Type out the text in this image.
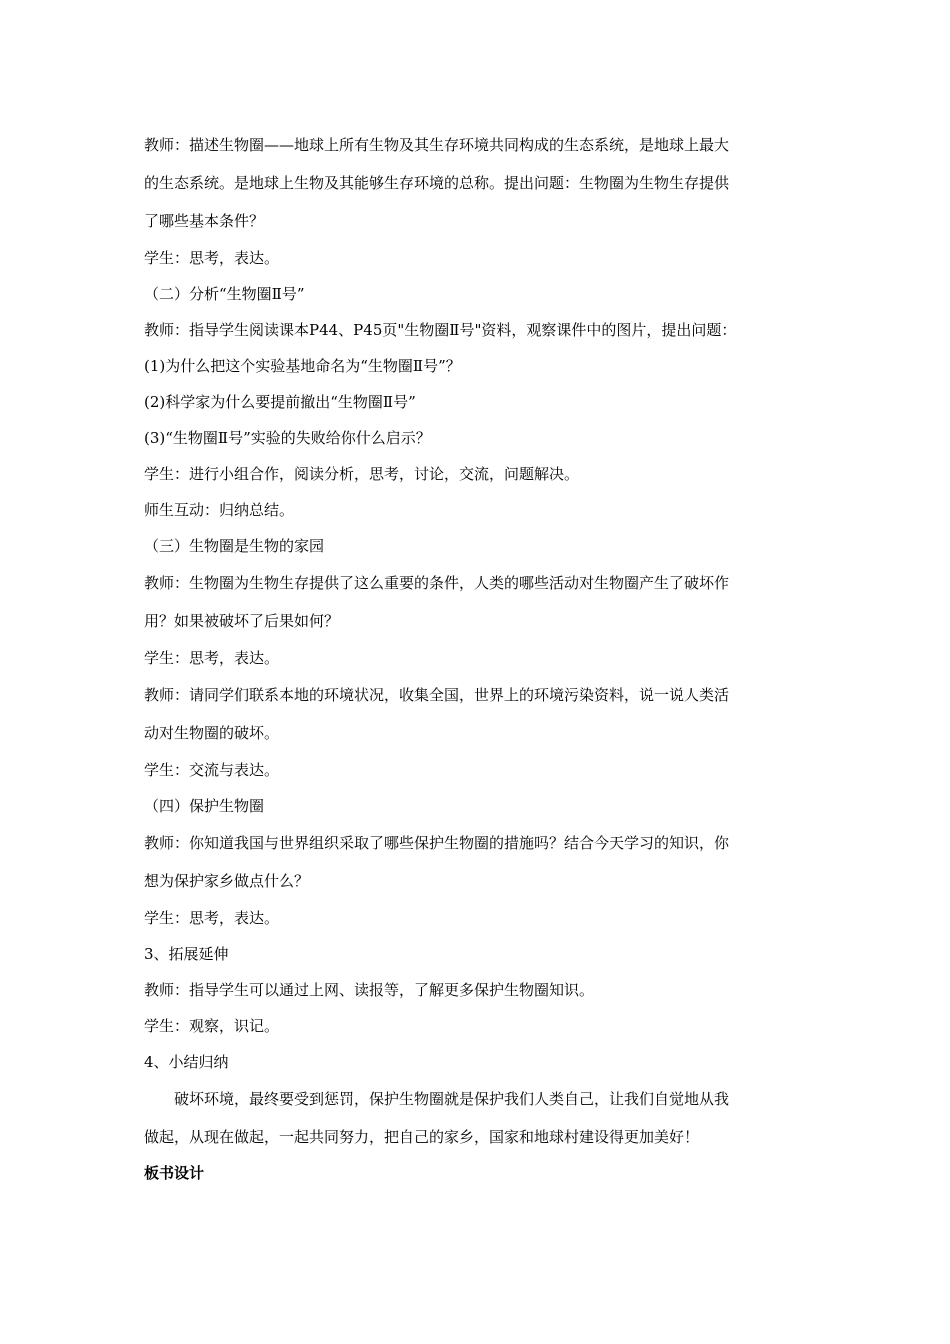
教师：描述生物圈——地球上所有生物及其生存环境共同构成的生态系统，是地球上最大

的生态系统。是地球上生物及其能够生存环境的总称。提出问题：生物圈为生物生存提供

了哪些基本条件？

学生：思考，表达。

（二）分析“生物圈Ⅱ号”

教师：指导学生阅读课本P44、P45页"生物圈Ⅱ号"资料，观察课件中的图片，提出问题：

(1)为什么把这个实验基地命名为“生物圈Ⅱ号”？

(2)科学家为什么要提前撤出“生物圈Ⅱ号”

(3)“生物圈Ⅱ号”实验的失败给你什么启示？

学生：进行小组合作，阅读分析，思考，讨论，交流，问题解决。

师生互动：归纳总结。

（三）生物圈是生物的家园

教师：生物圈为生物生存提供了这么重要的条件，人类的哪些活动对生物圈产生了破坏作

用？如果被破坏了后果如何？

学生：思考，表达。

教师：请同学们联系本地的环境状况，收集全国，世界上的环境污染资料，说一说人类活

动对生物圈的破坏。

学生：交流与表达。

（四）保护生物圈

教师：你知道我国与世界组织采取了哪些保护生物圈的措施吗？结合今天学习的知识，你

想为保护家乡做点什么？

学生：思考，表达。

3、拓展延伸

教师：指导学生可以通过上网、读报等，了解更多保护生物圈知识。

学生：观察，识记。

4、小结归纳

破坏环境，最终要受到惩罚，保护生物圈就是保护我们人类自己，让我们自觉地从我

做起，从现在做起，一起共同努力，把自己的家乡，国家和地球村建设得更加美好！

板书设计
